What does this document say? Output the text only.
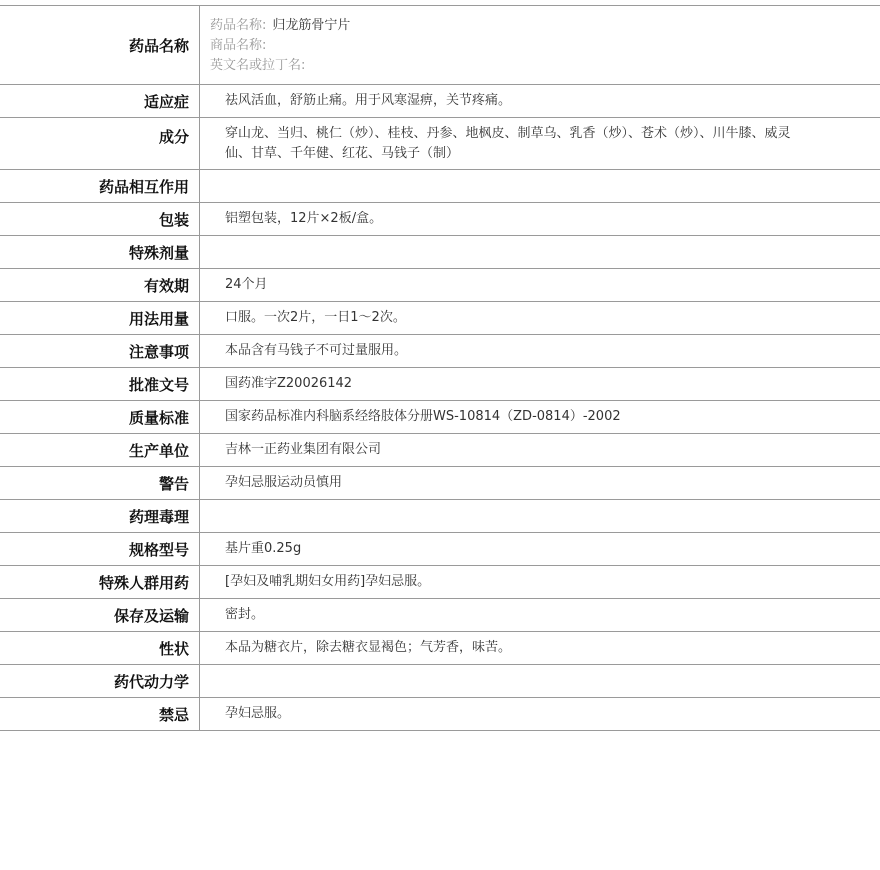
药品名称
药品名称: 归龙筋骨宁片
商品名称:
英文名或拉丁名:
适应症	祛风活血，舒筋止痛。用于风寒湿痹，关节疼痛。
成分	穿山龙、当归、桃仁（炒）、桂枝、丹参、地枫皮、制草乌、乳香（炒）、苍术（炒）、川牛膝、威灵仙、甘草、千年健、红花、马钱子（制）
药品相互作用
包装	铝塑包装，12片×2板/盒。
特殊剂量
有效期	24个月
用法用量	口服。一次2片，一日1～2次。
注意事项	本品含有马钱子不可过量服用。
批准文号	国药准字Z20026142
质量标准	国家药品标准内科脑系经络肢体分册WS-10814（ZD-0814）-2002
生产单位	吉林一正药业集团有限公司
警告	孕妇忌服运动员慎用
药理毒理
规格型号	基片重0.25g
特殊人群用药	[孕妇及哺乳期妇女用药]孕妇忌服。
保存及运输	密封。
性状	本品为糖衣片，除去糖衣显褐色；气芳香，味苦。
药代动力学
禁忌	孕妇忌服。
